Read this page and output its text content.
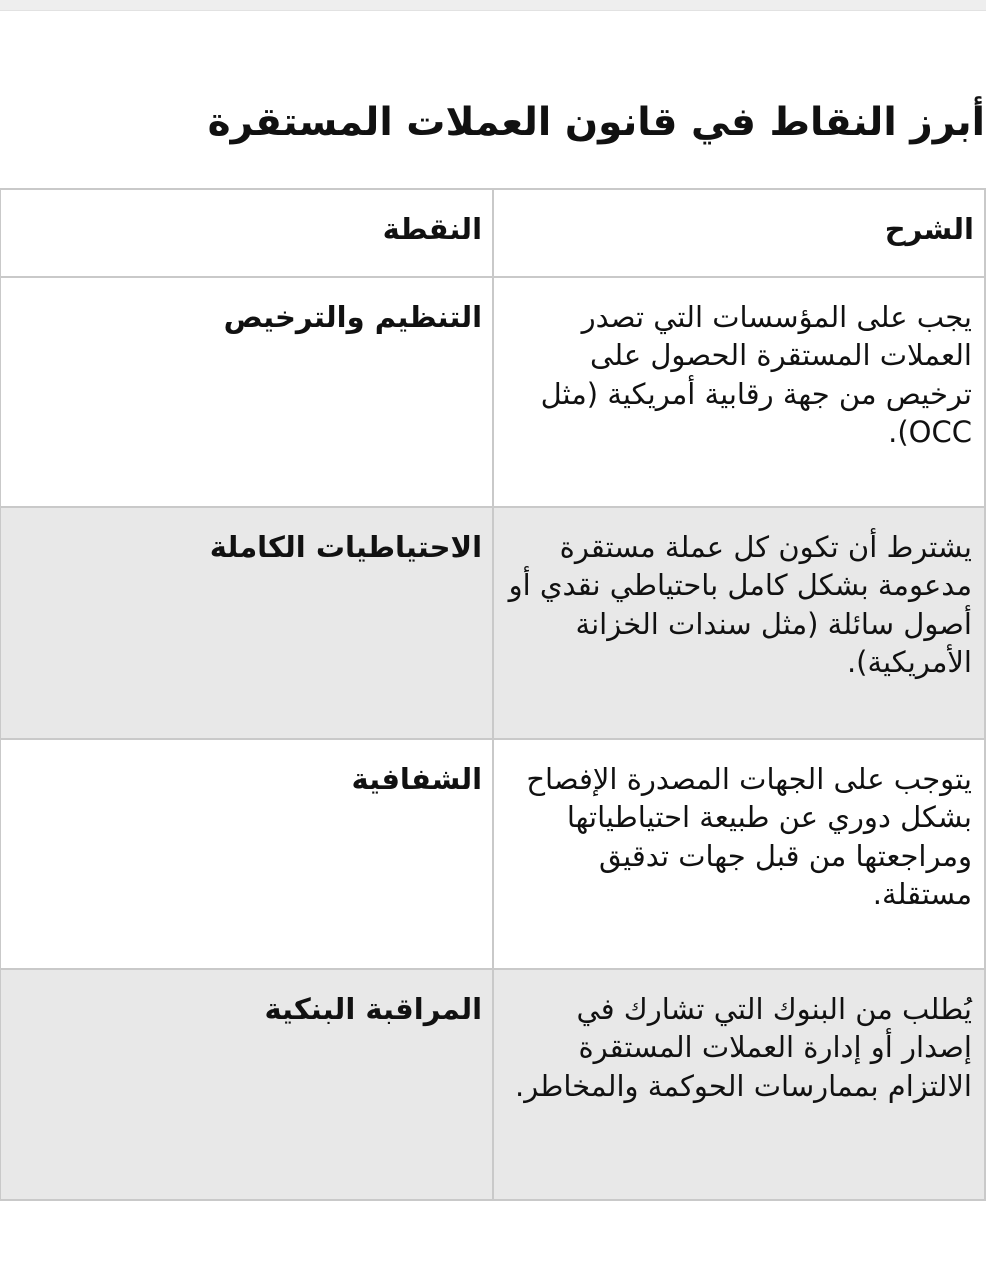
أبرز النقاط في قانون العملات المستقرة
الشرح	النقطة
يجب على المؤسسات التي تصدر العملات المستقرة الحصول على ترخيص من جهة رقابية أمريكية (مثل OCC).	التنظيم والترخيص
يشترط أن تكون كل عملة مستقرة مدعومة بشكل كامل باحتياطي نقدي أو أصول سائلة (مثل سندات الخزانة الأمريكية).	الاحتياطيات الكاملة
يتوجب على الجهات المصدرة الإفصاح بشكل دوري عن طبيعة احتياطياتها ومراجعتها من قبل جهات تدقيق مستقلة.	الشفافية
يُطلب من البنوك التي تشارك في إصدار أو إدارة العملات المستقرة الالتزام بممارسات الحوكمة والمخاطر.	المراقبة البنكية
